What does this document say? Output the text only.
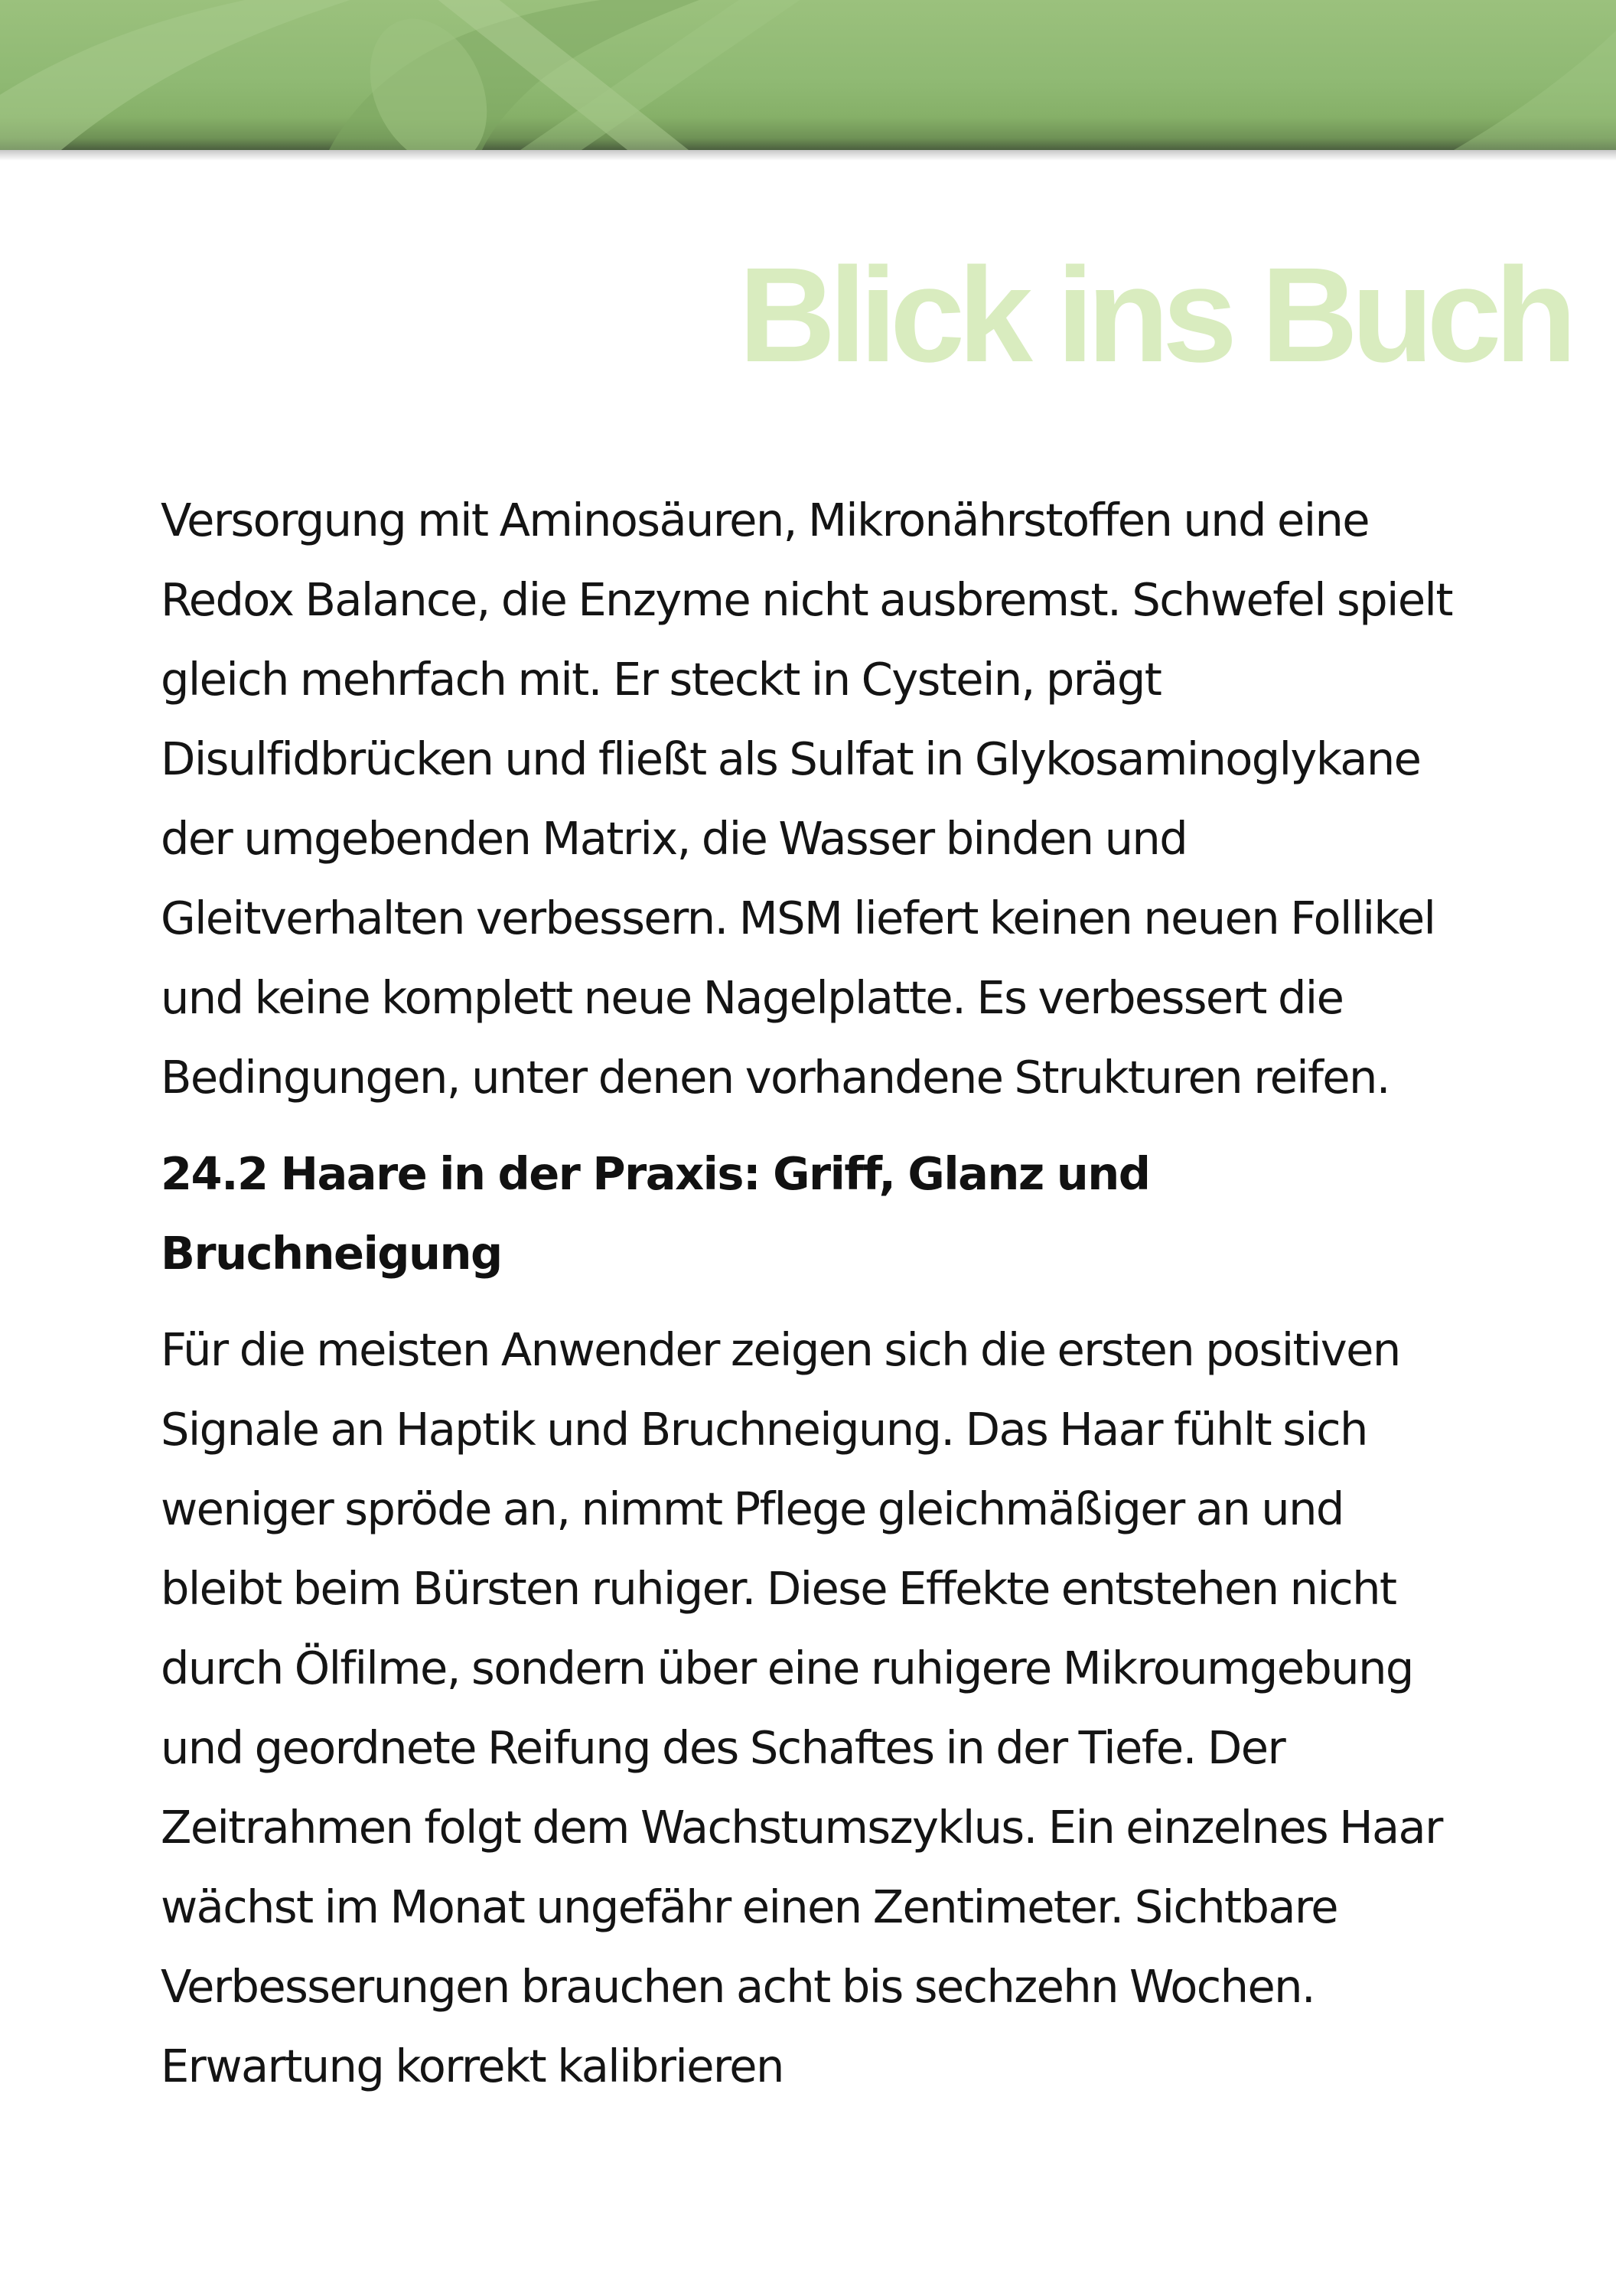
Blick ins Buch

Versorgung mit Aminosäuren, Mikronährstoffen und eine Redox Balance, die Enzyme nicht ausbremst. Schwefel spielt gleich mehrfach mit. Er steckt in Cystein, prägt Disulfidbrücken und fließt als Sulfat in Glykosaminoglykane der umgebenden Matrix, die Wasser binden und Gleitverhalten verbessern. MSM liefert keinen neuen Follikel und keine komplett neue Nagelplatte. Es verbessert die Bedingungen, unter denen vorhandene Strukturen reifen.

24.2 Haare in der Praxis: Griff, Glanz und Bruchneigung

Für die meisten Anwender zeigen sich die ersten positiven Signale an Haptik und Bruchneigung. Das Haar fühlt sich weniger spröde an, nimmt Pflege gleichmäßiger an und bleibt beim Bürsten ruhiger. Diese Effekte entstehen nicht durch Ölfilme, sondern über eine ruhigere Mikroumgebung und geordnete Reifung des Schaftes in der Tiefe. Der Zeitrahmen folgt dem Wachstumszyklus. Ein einzelnes Haar wächst im Monat ungefähr einen Zentimeter. Sichtbare Verbesserungen brauchen acht bis sechzehn Wochen. Erwartung korrekt kalibrieren
